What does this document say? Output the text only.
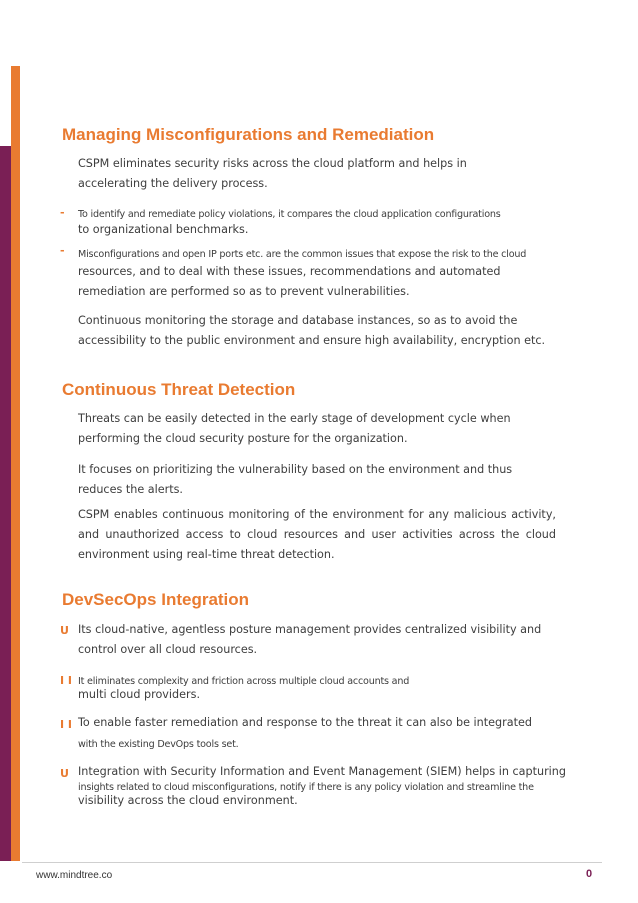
Managing Misconfigurations and Remediation

CSPM eliminates security risks across the cloud platform and helps in accelerating the delivery process.

- To identify and remediate policy violations, it compares the cloud application configurations

to organizational benchmarks.

- Misconfigurations and open IP ports etc. are the common issues that expose the risk to the cloud

resources, and to deal with these issues, recommendations and automated remediation are performed so as to prevent vulnerabilities.

Continuous monitoring the storage and database instances, so as to avoid the accessibility to the public environment and ensure high availability, encryption etc.

Continuous Threat Detection

Threats can be easily detected in the early stage of development cycle when performing the cloud security posture for the organization.

It focuses on prioritizing the vulnerability based on the environment and thus reduces the alerts.

CSPM enables continuous monitoring of the environment for any malicious activity, and unauthorized access to cloud resources and user activities across the cloud environment using real-time threat detection.

DevSecOps Integration
U Its cloud-native, agentless posture management provides centralized visibility and control over all cloud resources.

I I It eliminates complexity and friction across multiple cloud accounts and

multi cloud providers.

I I To enable faster remediation and response to the threat it can also be integrated

with the existing DevOps tools set.

U Integration with Security Information and Event Management (SIEM) helps in capturing

insights related to cloud misconfigurations, notify if there is any policy violation and streamline the

visibility across the cloud environment.

www.mindtree.co	0
